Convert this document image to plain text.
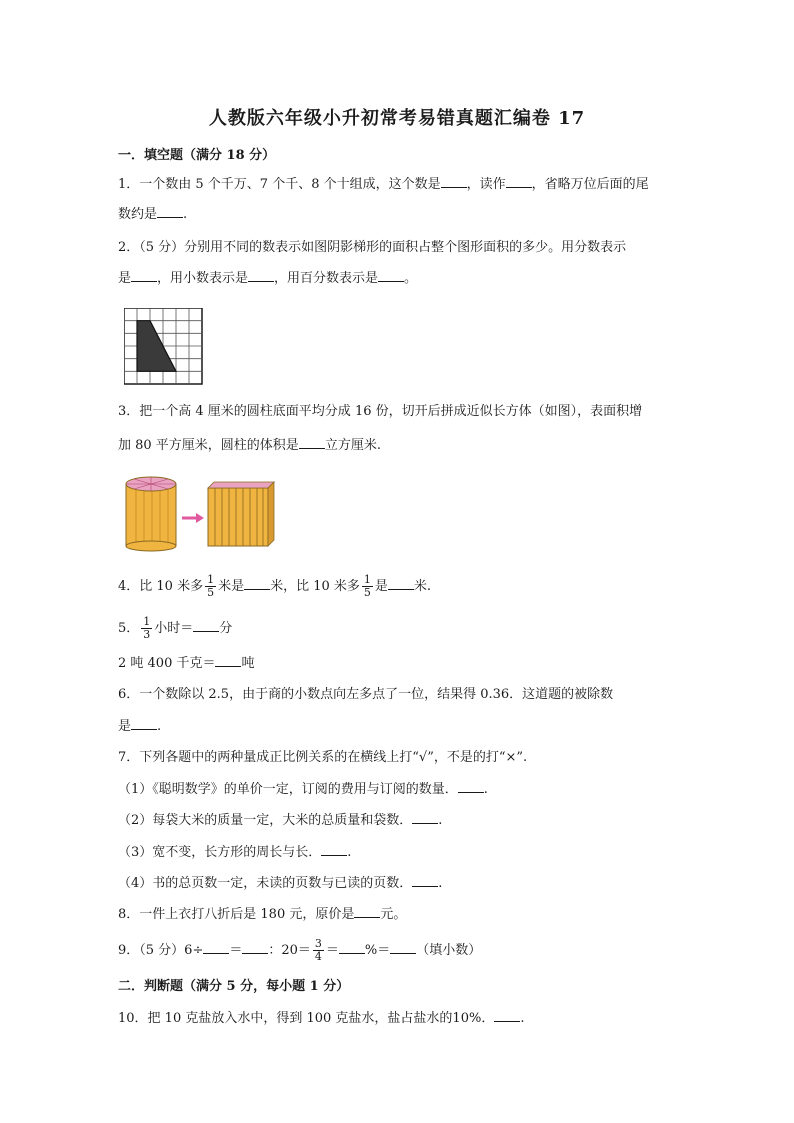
人教版六年级小升初常考易错真题汇编卷 17
一．填空题（满分 18 分）
1．一个数由 5 个千万、7 个千、8 个十组成，这个数是 ，读作 ，省略万位后面的尾
数约是 .
2．（5 分）分别用不同的数表示如图阴影梯形的面积占整个图形面积的多少。用分数表示
是 ，用小数表示是 ，用百分数表示是 。
3．把一个高 4 厘米的圆柱底面平均分成 16 份，切开后拼成近似长方体（如图），表面积增
加 80 平方厘米，圆柱的体积是 立方厘米.
4．比 10 米多 $\frac{1}{5}$ 米是 米，比 10 米多 $\frac{1}{5}$ 是 米.
5． $\frac{1}{3}$ 小时＝ 分
2 吨 400 千克＝ 吨
6．一个数除以 2.5，由于商的小数点向左多点了一位，结果得 0.36．这道题的被除数
是 .
7．下列各题中的两种量成正比例关系的在横线上打“√”，不是的打“×”.
（1）《聪明数学》的单价一定，订阅的费用与订阅的数量． .
（2）每袋大米的质量一定，大米的总质量和袋数． .
（3）宽不变，长方形的周长与长． .
（4）书的总页数一定，未读的页数与已读的页数． .
8．一件上衣打八折后是 180 元，原价是 元。
9．（5 分）6÷ ＝ ：$20= \frac{3}{4}$ ＝ %＝ （填小数）
二．判断题（满分 5 分，每小题 1 分）
10．把 10 克盐放入水中，得到 100 克盐水，盐占盐水的10%． .
